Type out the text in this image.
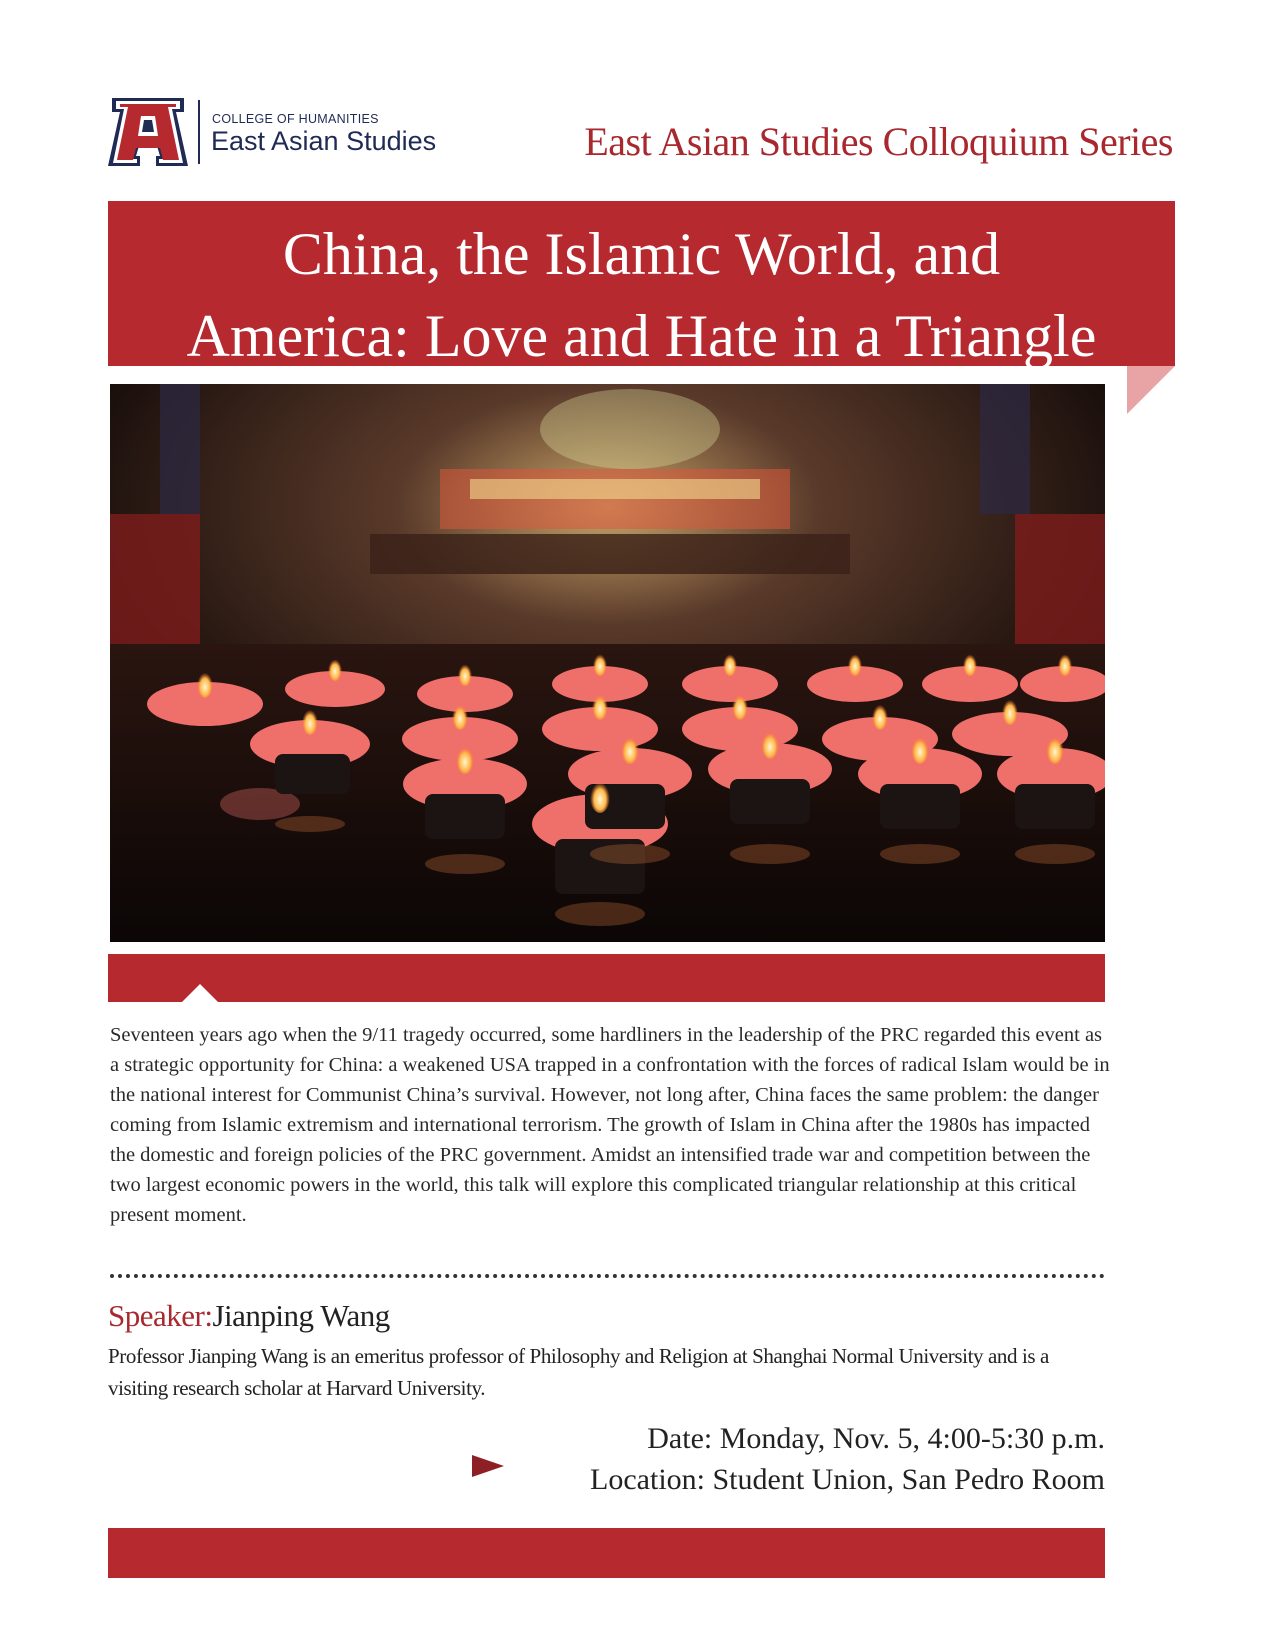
COLLEGE OF HUMANITIES
East Asian Studies	East Asian Studies Colloquium Series
China, the Islamic World, and
America: Love and Hate in a Triangle

Seventeen years ago when the 9/11 tragedy occurred, some hardliners in the leadership of the PRC regarded this event as a strategic opportunity for China: a weakened USA trapped in a confrontation with the forces of radical Islam would be in the national interest for Communist China’s survival. However, not long after, China faces the same problem: the danger coming from Islamic extremism and international terrorism. The growth of Islam in China after the 1980s has impacted the domestic and foreign policies of the PRC government. Amidst an intensified trade war and competition between the two largest economic powers in the world, this talk will explore this complicated triangular relationship at this critical present moment.

Speaker:Jianping Wang

Professor Jianping Wang is an emeritus professor of Philosophy and Religion at Shanghai Normal University and is a visiting research scholar at Harvard University.

Date: Monday, Nov. 5, 4:00-5:30 p.m.
Location: Student Union, San Pedro Room
